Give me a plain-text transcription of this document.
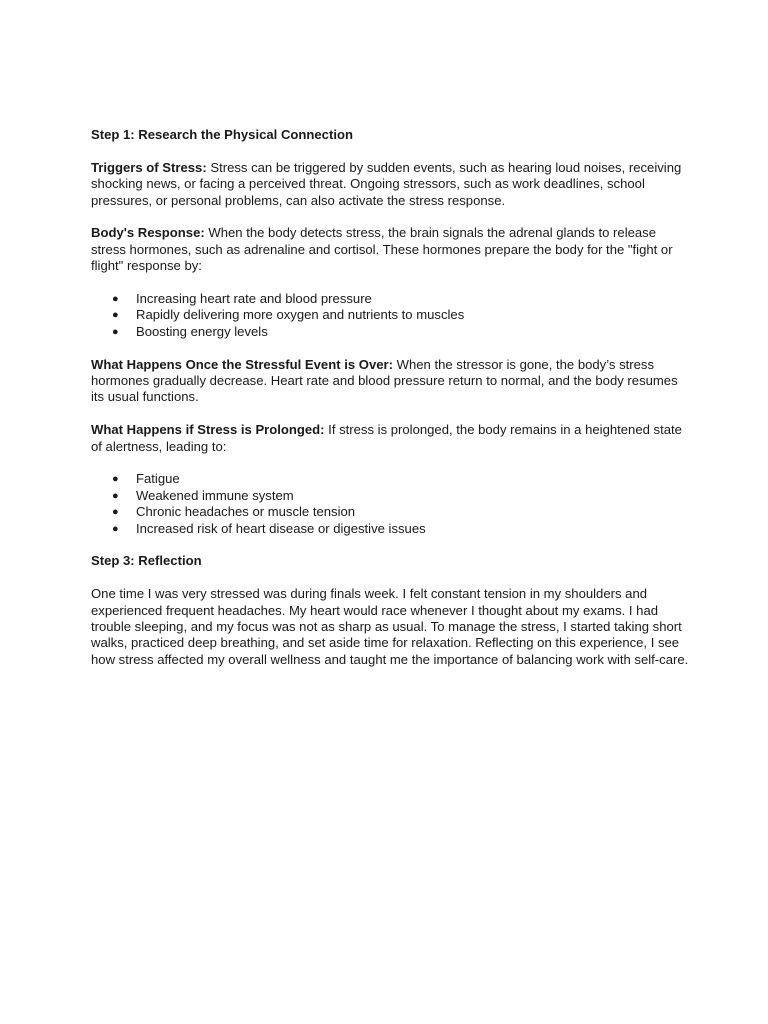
Step 1: Research the Physical Connection

Triggers of Stress: Stress can be triggered by sudden events, such as hearing loud noises, receiving shocking news, or facing a perceived threat. Ongoing stressors, such as work deadlines, school pressures, or personal problems, can also activate the stress response.

Body's Response: When the body detects stress, the brain signals the adrenal glands to release stress hormones, such as adrenaline and cortisol. These hormones prepare the body for the "fight or flight" response by:

● Increasing heart rate and blood pressure
● Rapidly delivering more oxygen and nutrients to muscles
● Boosting energy levels

What Happens Once the Stressful Event is Over: When the stressor is gone, the body’s stress hormones gradually decrease. Heart rate and blood pressure return to normal, and the body resumes its usual functions.

What Happens if Stress is Prolonged: If stress is prolonged, the body remains in a heightened state of alertness, leading to:

● Fatigue
● Weakened immune system
● Chronic headaches or muscle tension
● Increased risk of heart disease or digestive issues

Step 3: Reflection

One time I was very stressed was during finals week. I felt constant tension in my shoulders and experienced frequent headaches. My heart would race whenever I thought about my exams. I had trouble sleeping, and my focus was not as sharp as usual. To manage the stress, I started taking short walks, practiced deep breathing, and set aside time for relaxation. Reflecting on this experience, I see how stress affected my overall wellness and taught me the importance of balancing work with self-care.
